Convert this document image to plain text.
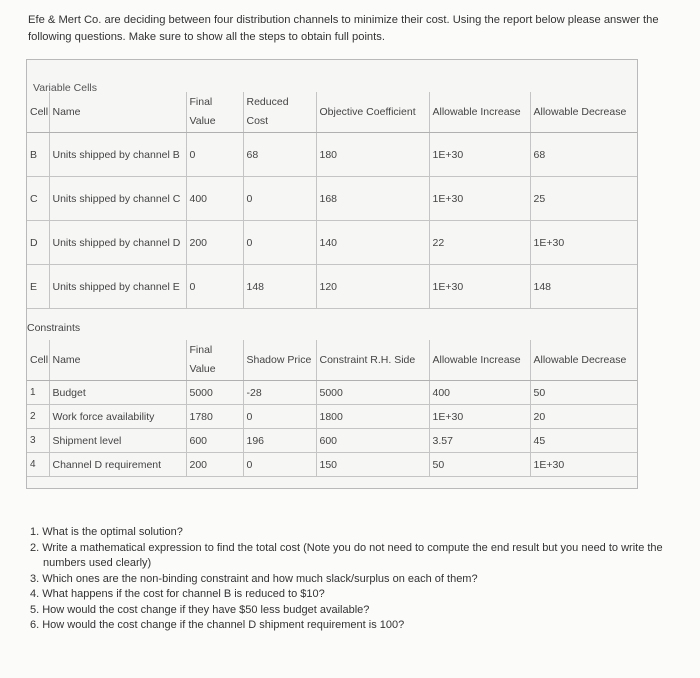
Efe & Mert Co. are deciding between four distribution channels to minimize their cost. Using the report below please answer the following questions. Make sure to show all the steps to obtain full points.
Variable Cells
Cell	Name	Final Value	Reduced Cost	Objective Coefficient	Allowable Increase	Allowable Decrease
B	Units shipped by channel B	0	68	180	1E+30	68
C	Units shipped by channel C	400	0	168	1E+30	25
D	Units shipped by channel D	200	0	140	22	1E+30
E	Units shipped by channel E	0	148	120	1E+30	148
Constraints
Cell	Name	Final Value	Shadow Price	Constraint R.H. Side	Allowable Increase	Allowable Decrease
1	Budget	5000	-28	5000	400	50
2	Work force availability	1780	0	1800	1E+30	20
3	Shipment level	600	196	600	3.57	45
4	Channel D requirement	200	0	150	50	1E+30
1. What is the optimal solution?
2. Write a mathematical expression to find the total cost (Note you do not need to compute the end result but you need to write the numbers used clearly)
3. Which ones are the non-binding constraint and how much slack/surplus on each of them?
4. What happens if the cost for channel B is reduced to $10?
5. How would the cost change if they have $50 less budget available?
6. How would the cost change if the channel D shipment requirement is 100?
